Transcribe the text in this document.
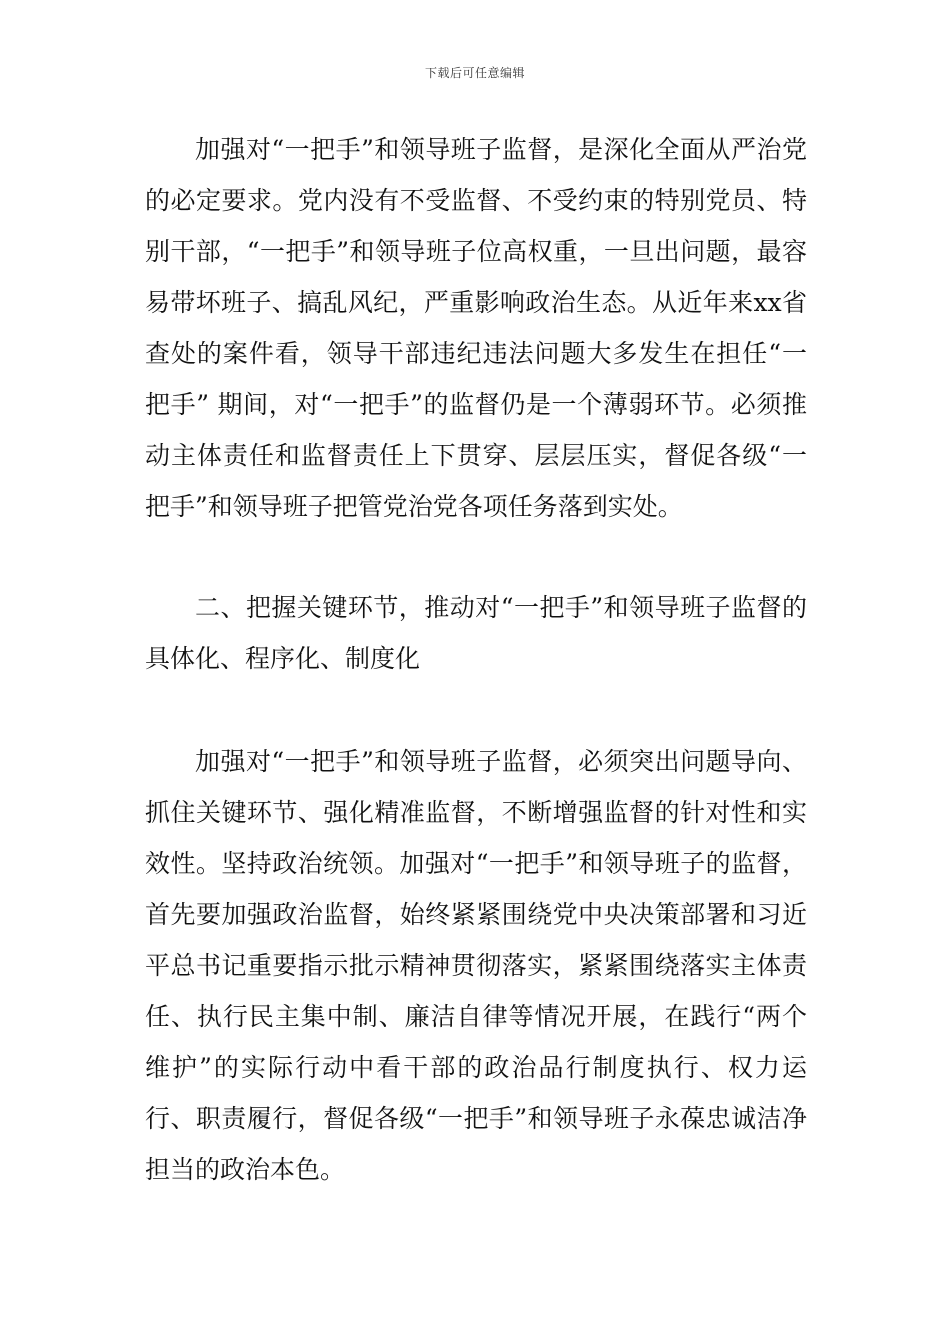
下载后可任意编辑

加强对“一把手”和领导班子监督，是深化全面从严治党的必定要求。党内没有不受监督、不受约束的特别党员、特别干部，“一把手”和领导班子位高权重，一旦出问题，最容易带坏班子、搞乱风纪，严重影响政治生态。从近年来xx省查处的案件看，领导干部违纪违法问题大多发生在担任“一把手” 期间，对“一把手”的监督仍是一个薄弱环节。必须推动主体责任和监督责任上下贯穿、层层压实，督促各级“一把手”和领导班子把管党治党各项任务落到实处。

二、把握关键环节，推动对“一把手”和领导班子监督的具体化、程序化、制度化

加强对“一把手”和领导班子监督，必须突出问题导向、抓住关键环节、强化精准监督，不断增强监督的针对性和实效性。坚持政治统领。加强对“一把手”和领导班子的监督，首先要加强政治监督，始终紧紧围绕党中央决策部署和习近平总书记重要指示批示精神贯彻落实，紧紧围绕落实主体责任、执行民主集中制、廉洁自律等情况开展，在践行“两个维护”的实际行动中看干部的政治品行制度执行、权力运行、职责履行，督促各级“一把手”和领导班子永葆忠诚洁净担当的政治本色。
